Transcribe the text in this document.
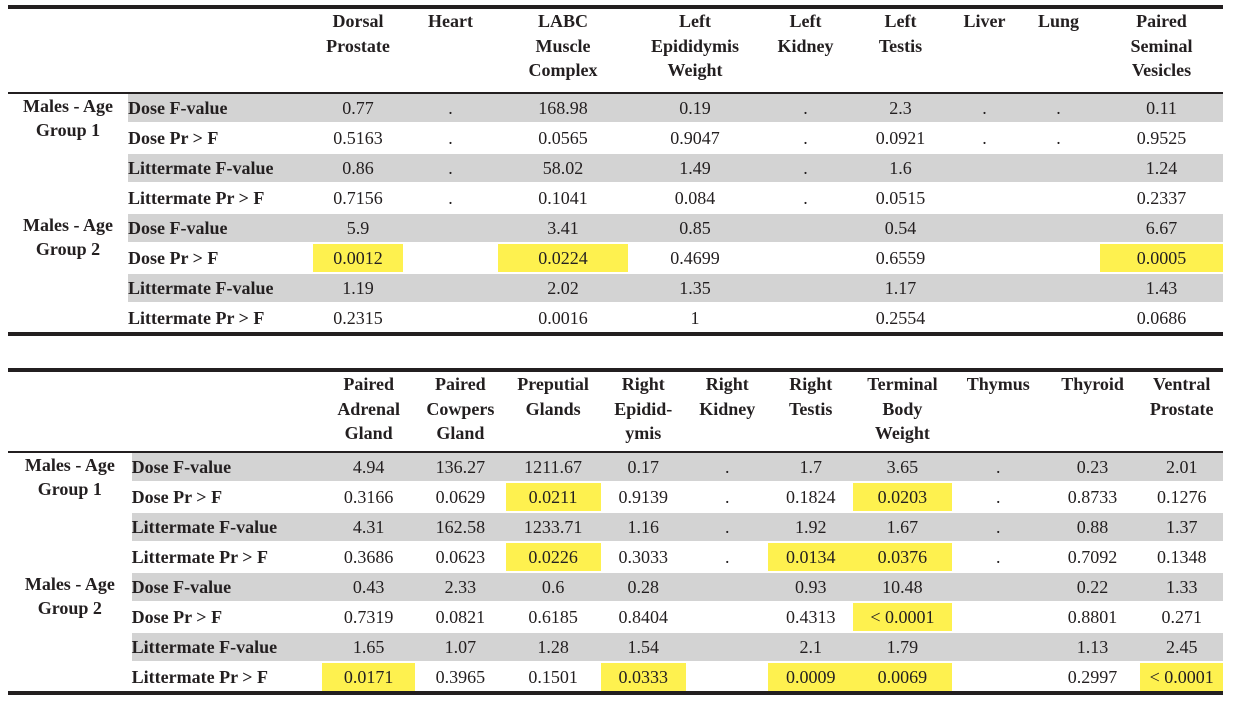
		Dorsal
Prostate	Heart	LABC
Muscle
Complex	Left
Epididymis
Weight	Left
Kidney	Left
Testis	Liver	Lung	Paired
Seminal
Vesicles
Males - Age
Group 1	Dose F-value	0.77	.	168.98	0.19	.	2.3	.	.	0.11
	Dose Pr > F	0.5163	.	0.0565	0.9047	.	0.0921	.	.	0.9525
	Littermate F-value	0.86	.	58.02	1.49	.	1.6			1.24
	Littermate Pr > F	0.7156	.	0.1041	0.084	.	0.0515			0.2337
Males - Age
Group 2	Dose F-value	5.9		3.41	0.85		0.54			6.67
	Dose Pr > F	0.0012		0.0224	0.4699		0.6559			0.0005
	Littermate F-value	1.19		2.02	1.35		1.17			1.43
	Littermate Pr > F	0.2315		0.0016	1		0.2554			0.0686
		Paired
Adrenal
Gland	Paired
Cowpers
Gland	Preputial
Glands	Right
Epidid-
ymis	Right
Kidney	Right
Testis	Terminal
Body
Weight	Thymus	Thyroid	Ventral
Prostate
Males - Age
Group 1	Dose F-value	4.94	136.27	1211.67	0.17	.	1.7	3.65	.	0.23	2.01
	Dose Pr > F	0.3166	0.0629	0.0211	0.9139	.	0.1824	0.0203	.	0.8733	0.1276
	Littermate F-value	4.31	162.58	1233.71	1.16	.	1.92	1.67	.	0.88	1.37
	Littermate Pr > F	0.3686	0.0623	0.0226	0.3033	.	0.0134	0.0376	.	0.7092	0.1348
Males - Age
Group 2	Dose F-value	0.43	2.33	0.6	0.28		0.93	10.48		0.22	1.33
	Dose Pr > F	0.7319	0.0821	0.6185	0.8404		0.4313	< 0.0001		0.8801	0.271
	Littermate F-value	1.65	1.07	1.28	1.54		2.1	1.79		1.13	2.45
	Littermate Pr > F	0.0171	0.3965	0.1501	0.0333		0.0009	0.0069		0.2997	< 0.0001
